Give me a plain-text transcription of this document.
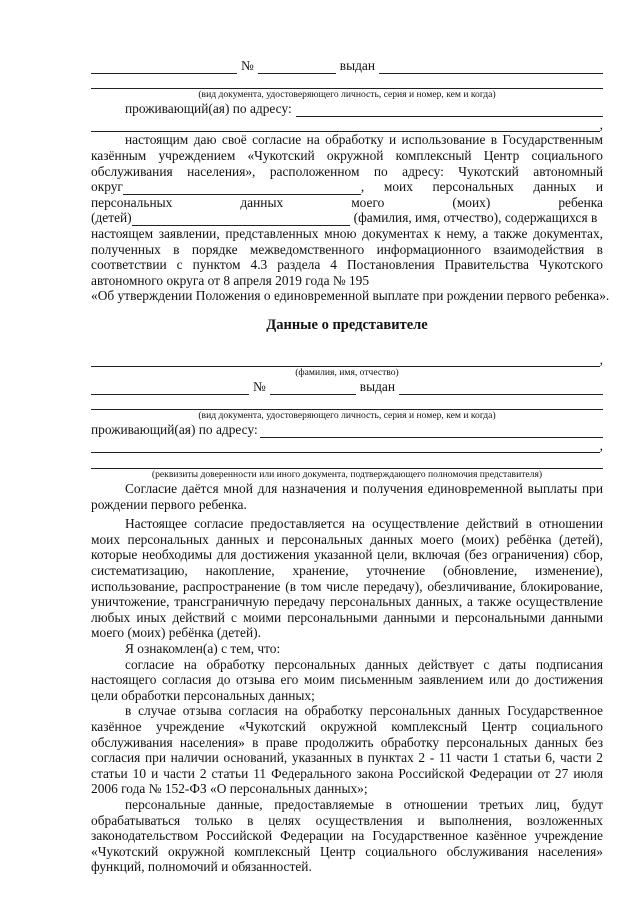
№	выдан
(вид документа, удостоверяющего личность, серия и номер, кем и когда)
проживающий(ая) по адресу:
,
настоящим даю своё согласие на обработку и использование в Государственным
казённым учреждением «Чукотский окружной комплексный Центр социального
обслуживания населения», расположенном по адресу: Чукотский автономный
округ	, моих персональных данных и
персональных данных моего (моих) ребенка
(детей)	(фамилия, имя, отчество), содержащихся в

настоящем заявлении, представленных мною документах к нему, а также документах, полученных в порядке межведомственного информационного взаимодействия в соответствии с пунктом 4.3 раздела 4 Постановления Правительства Чукотского автономного округа от 8 апреля 2019 года № 195

«Об утверждении Положения о единовременной выплате при рождении первого ребенка».
Данные о представителе
,
(фамилия, имя, отчество)
№	выдан
(вид документа, удостоверяющего личность, серия и номер, кем и когда)
проживающий(ая) по адресу:
,
(реквизиты доверенности или иного документа, подтверждающего полномочия представителя)

Согласие даётся мной для назначения и получения единовременной выплаты при рождении первого ребенка.

Настоящее согласие предоставляется на осуществление действий в отношении моих персональных данных и персональных данных моего (моих) ребёнка (детей), которые необходимы для достижения указанной цели, включая (без ограничения) сбор, систематизацию, накопление, хранение, уточнение (обновление, изменение), использование, распространение (в том числе передачу), обезличивание, блокирование, уничтожение, трансграничную передачу персональных данных, а также осуществление любых иных действий с моими персональными данными и персональными данными моего (моих) ребёнка (детей).

Я ознакомлен(а) с тем, что:

согласие на обработку персональных данных действует с даты подписания настоящего согласия до отзыва его моим письменным заявлением или до достижения цели обработки персональных данных;

в случае отзыва согласия на обработку персональных данных Государственное казённое учреждение «Чукотский окружной комплексный Центр социального обслуживания населения» в праве продолжить обработку персональных данных без согласия при наличии оснований, указанных в пунктах 2 - 11 части 1 статьи 6, части 2 статьи 10 и части 2 статьи 11 Федерального закона Российской Федерации от 27 июля 2006 года № 152-ФЗ «О персональных данных»;

персональные данные, предоставляемые в отношении третьих лиц, будут обрабатываться только в целях осуществления и выполнения, возложенных законодательством Российской Федерации на Государственное казённое учреждение «Чукотский окружной комплексный Центр социального обслуживания населения» функций, полномочий и обязанностей.
